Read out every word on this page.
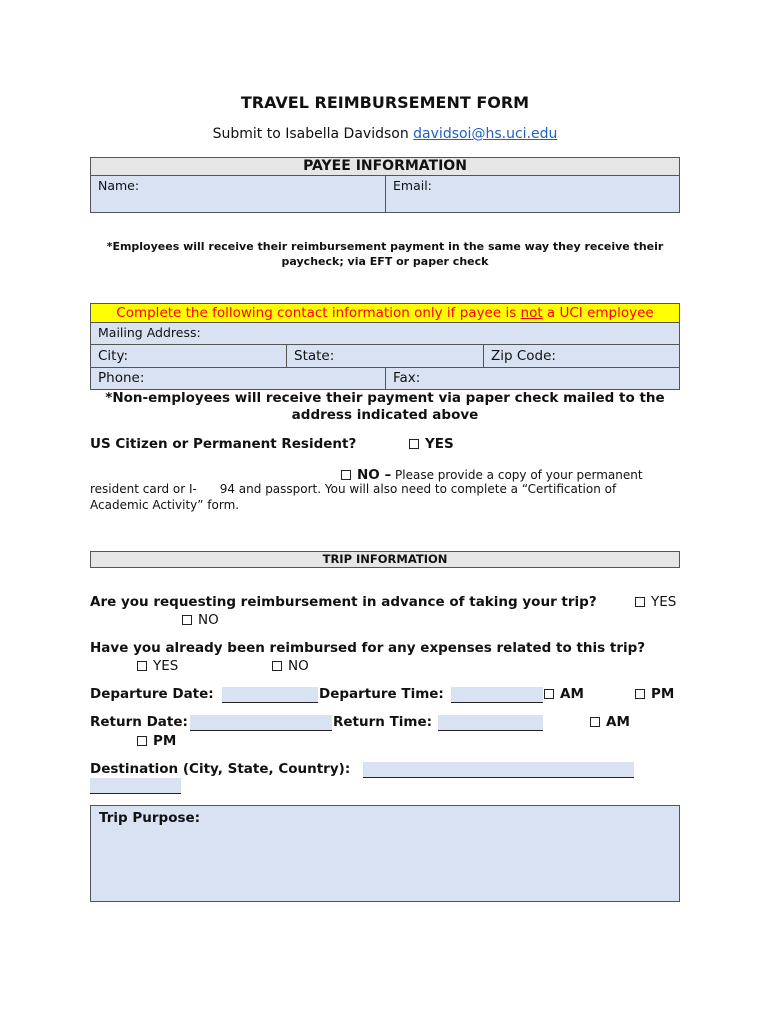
TRAVEL REIMBURSEMENT FORM
Submit to Isabella Davidson davidsoi@hs.uci.edu
PAYEE INFORMATION
Name:	Email:
*Employees will receive their reimbursement payment in the same way they receive their
paycheck; via EFT or paper check
Complete the following contact information only if payee is not a UCI employee
Mailing Address:
City:	State:	Zip Code:
Phone:	Fax:
*Non-employees will receive their payment via paper check mailed to the
address indicated above
US Citizen or Permanent Resident?	YES
NO – Please provide a copy of your permanent
resident card or I-      94 and passport. You will also need to complete a “Certification of
Academic Activity” form.
TRIP INFORMATION
Are you requesting reimbursement in advance of taking your trip?	YES
NO
Have you already been reimbursed for any expenses related to this trip?
YES	NO
Departure Date:	Departure Time:	AM	PM
Return Date:	Return Time:	AM
PM
Destination (City, State, Country):
Trip Purpose:
